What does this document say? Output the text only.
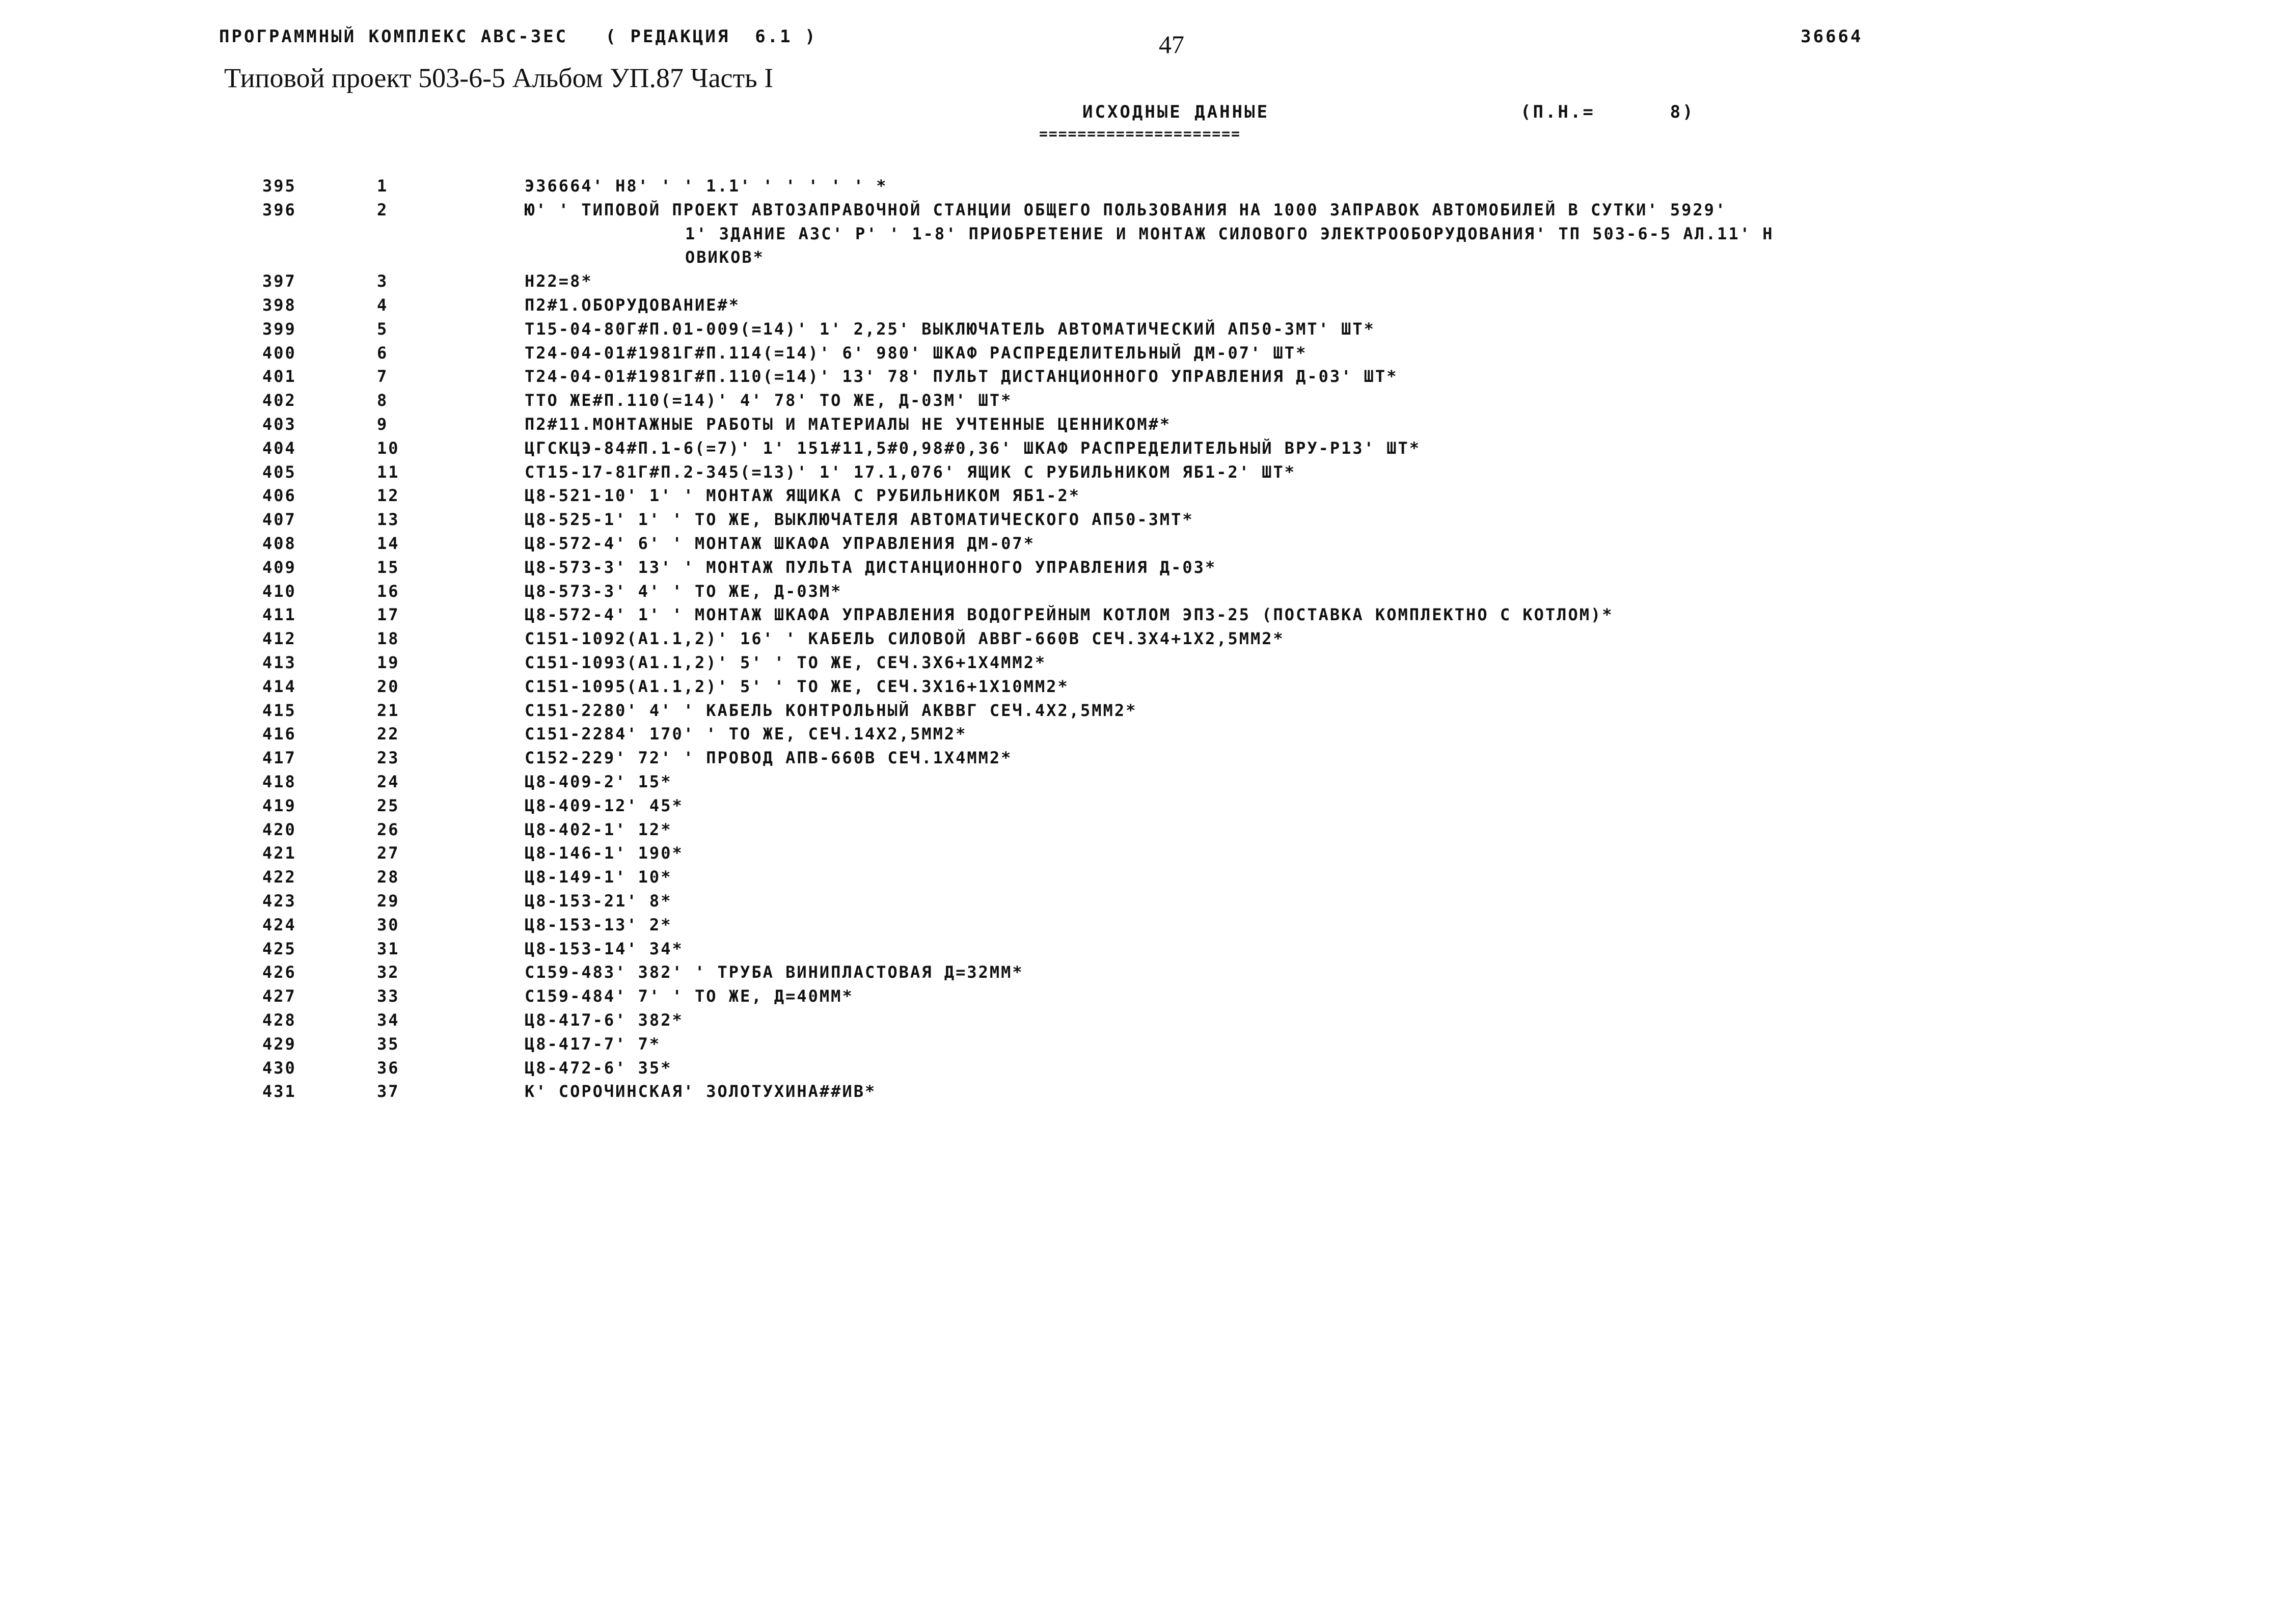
ПРОГРАММНЫЙ КОМПЛЕКС АВС-ЗЕС   ( РЕДАКЦИЯ  6.1 )	47	36664
Типовой проект 503-6-5 Альбом УП.87 Часть I
ИСХОДНЫЕ ДАННЫЕ	(П.Н.=      8)
=====================
395	1	Э36664' Н8' ' ' 1.1' ' ' ' ' ' *
396	2	Ю' ' ТИПОВОЙ ПРОЕКТ АВТОЗАПРАВОЧНОЙ СТАНЦИИ ОБЩЕГО ПОЛЬЗОВАНИЯ НА 1000 ЗАПРАВОК АВТОМОБИЛЕЙ В СУТКИ' 5929'
1' ЗДАНИЕ АЗС' Р' ' 1-8' ПРИОБРЕТЕНИЕ И МОНТАЖ СИЛОВОГО ЭЛЕКТРООБОРУДОВАНИЯ' ТП 503-6-5 АЛ.11' Н
ОВИКОВ*
397	3	Н22=8*
398	4	П2#1.ОБОРУДОВАНИЕ#*
399	5	Т15-04-80Г#П.01-009(=14)' 1' 2,25' ВЫКЛЮЧАТЕЛЬ АВТОМАТИЧЕСКИЙ АП50-3МТ' ШТ*
400	6	Т24-04-01#1981Г#П.114(=14)' 6' 980' ШКАФ РАСПРЕДЕЛИТЕЛЬНЫЙ ДМ-07' ШТ*
401	7	Т24-04-01#1981Г#П.110(=14)' 13' 78' ПУЛЬТ ДИСТАНЦИОННОГО УПРАВЛЕНИЯ Д-03' ШТ*
402	8	ТТО ЖЕ#П.110(=14)' 4' 78' ТО ЖЕ, Д-03М' ШТ*
403	9	П2#11.МОНТАЖНЫЕ РАБОТЫ И МАТЕРИАЛЫ НЕ УЧТЕННЫЕ ЦЕННИКОМ#*
404	10	ЦГСКЦЭ-84#П.1-6(=7)' 1' 151#11,5#0,98#0,36' ШКАФ РАСПРЕДЕЛИТЕЛЬНЫЙ ВРУ-Р13' ШТ*
405	11	СТ15-17-81Г#П.2-345(=13)' 1' 17.1,076' ЯЩИК С РУБИЛЬНИКОМ ЯБ1-2' ШТ*
406	12	Ц8-521-10' 1' ' МОНТАЖ ЯЩИКА С РУБИЛЬНИКОМ ЯБ1-2*
407	13	Ц8-525-1' 1' ' ТО ЖЕ, ВЫКЛЮЧАТЕЛЯ АВТОМАТИЧЕСКОГО АП50-3МТ*
408	14	Ц8-572-4' 6' ' МОНТАЖ ШКАФА УПРАВЛЕНИЯ ДМ-07*
409	15	Ц8-573-3' 13' ' МОНТАЖ ПУЛЬТА ДИСТАНЦИОННОГО УПРАВЛЕНИЯ Д-03*
410	16	Ц8-573-3' 4' ' ТО ЖЕ, Д-03М*
411	17	Ц8-572-4' 1' ' МОНТАЖ ШКАФА УПРАВЛЕНИЯ ВОДОГРЕЙНЫМ КОТЛОМ ЭПЗ-25 (ПОСТАВКА КОМПЛЕКТНО С КОТЛОМ)*
412	18	С151-1092(А1.1,2)' 16' ' КАБЕЛЬ СИЛОВОЙ АВВГ-660В СЕЧ.3Х4+1Х2,5ММ2*
413	19	С151-1093(А1.1,2)' 5' ' ТО ЖЕ, СЕЧ.3Х6+1Х4ММ2*
414	20	С151-1095(А1.1,2)' 5' ' ТО ЖЕ, СЕЧ.3Х16+1Х10ММ2*
415	21	С151-2280' 4' ' КАБЕЛЬ КОНТРОЛЬНЫЙ АКВВГ СЕЧ.4Х2,5ММ2*
416	22	С151-2284' 170' ' ТО ЖЕ, СЕЧ.14Х2,5ММ2*
417	23	С152-229' 72' ' ПРОВОД АПВ-660В СЕЧ.1Х4ММ2*
418	24	Ц8-409-2' 15*
419	25	Ц8-409-12' 45*
420	26	Ц8-402-1' 12*
421	27	Ц8-146-1' 190*
422	28	Ц8-149-1' 10*
423	29	Ц8-153-21' 8*
424	30	Ц8-153-13' 2*
425	31	Ц8-153-14' 34*
426	32	С159-483' 382' ' ТРУБА ВИНИПЛАСТОВАЯ Д=32ММ*
427	33	С159-484' 7' ' ТО ЖЕ, Д=40ММ*
428	34	Ц8-417-6' 382*
429	35	Ц8-417-7' 7*
430	36	Ц8-472-6' 35*
431	37	К' СОРОЧИНСКАЯ' ЗОЛОТУХИНА##ИВ*
